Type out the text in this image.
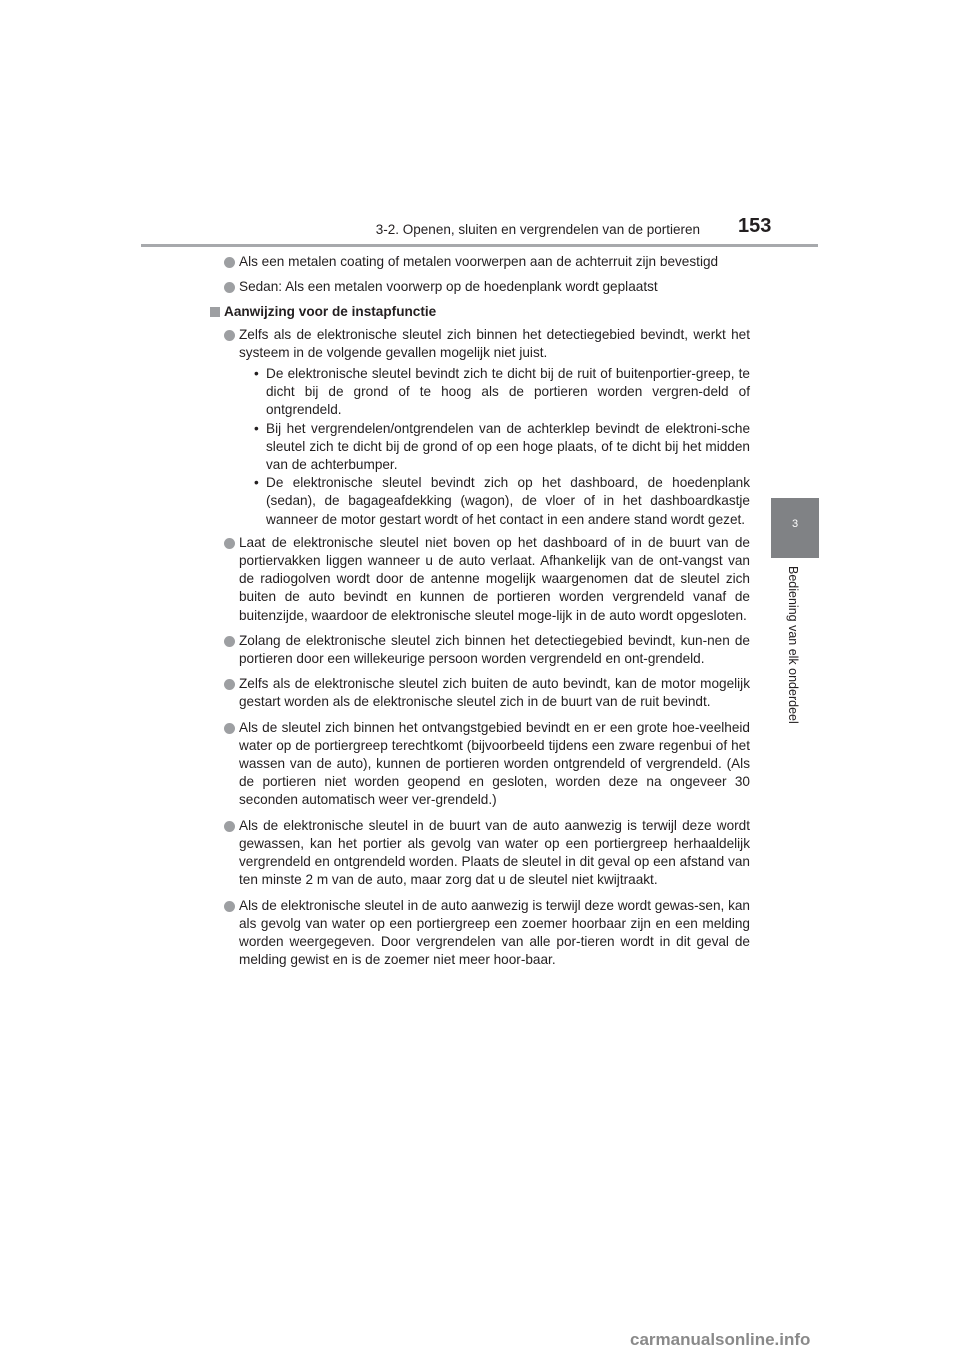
3-2. Openen, sluiten en vergrendelen van de portieren 153
3
Bediening van elk onderdeel
Als een metalen coating of metalen voorwerpen aan de achterruit zijn bevestigd
Sedan: Als een metalen voorwerp op de hoedenplank wordt geplaatst
Aanwijzing voor de instapfunctie
Zelfs als de elektronische sleutel zich binnen het detectiegebied bevindt, werkt het systeem in de volgende gevallen mogelijk niet juist.
• De elektronische sleutel bevindt zich te dicht bij de ruit of buitenportier-greep, te dicht bij de grond of te hoog als de portieren worden vergren-deld of ontgrendeld.
• Bij het vergrendelen/ontgrendelen van de achterklep bevindt de elektroni-sche sleutel zich te dicht bij de grond of op een hoge plaats, of te dicht bij het midden van de achterbumper.
• De elektronische sleutel bevindt zich op het dashboard, de hoedenplank (sedan), de bagageafdekking (wagon), de vloer of in het dashboardkastje wanneer de motor gestart wordt of het contact in een andere stand wordt gezet.
Laat de elektronische sleutel niet boven op het dashboard of in de buurt van de portiervakken liggen wanneer u de auto verlaat. Afhankelijk van de ont-vangst van de radiogolven wordt door de antenne mogelijk waargenomen dat de sleutel zich buiten de auto bevindt en kunnen de portieren worden vergrendeld vanaf de buitenzijde, waardoor de elektronische sleutel moge-lijk in de auto wordt opgesloten.
Zolang de elektronische sleutel zich binnen het detectiegebied bevindt, kun-nen de portieren door een willekeurige persoon worden vergrendeld en ont-grendeld.
Zelfs als de elektronische sleutel zich buiten de auto bevindt, kan de motor mogelijk gestart worden als de elektronische sleutel zich in de buurt van de ruit bevindt.
Als de sleutel zich binnen het ontvangstgebied bevindt en er een grote hoe-veelheid water op de portiergreep terechtkomt (bijvoorbeeld tijdens een zware regenbui of het wassen van de auto), kunnen de portieren worden ontgrendeld of vergrendeld. (Als de portieren niet worden geopend en gesloten, worden deze na ongeveer 30 seconden automatisch weer ver-grendeld.)
Als de elektronische sleutel in de buurt van de auto aanwezig is terwijl deze wordt gewassen, kan het portier als gevolg van water op een portiergreep herhaaldelijk vergrendeld en ontgrendeld worden. Plaats de sleutel in dit geval op een afstand van ten minste 2 m van de auto, maar zorg dat u de sleutel niet kwijtraakt.
Als de elektronische sleutel in de auto aanwezig is terwijl deze wordt gewas-sen, kan als gevolg van water op een portiergreep een zoemer hoorbaar zijn en een melding worden weergegeven. Door vergrendelen van alle por-tieren wordt in dit geval de melding gewist en is de zoemer niet meer hoor-baar.
carmanualsonline.info
